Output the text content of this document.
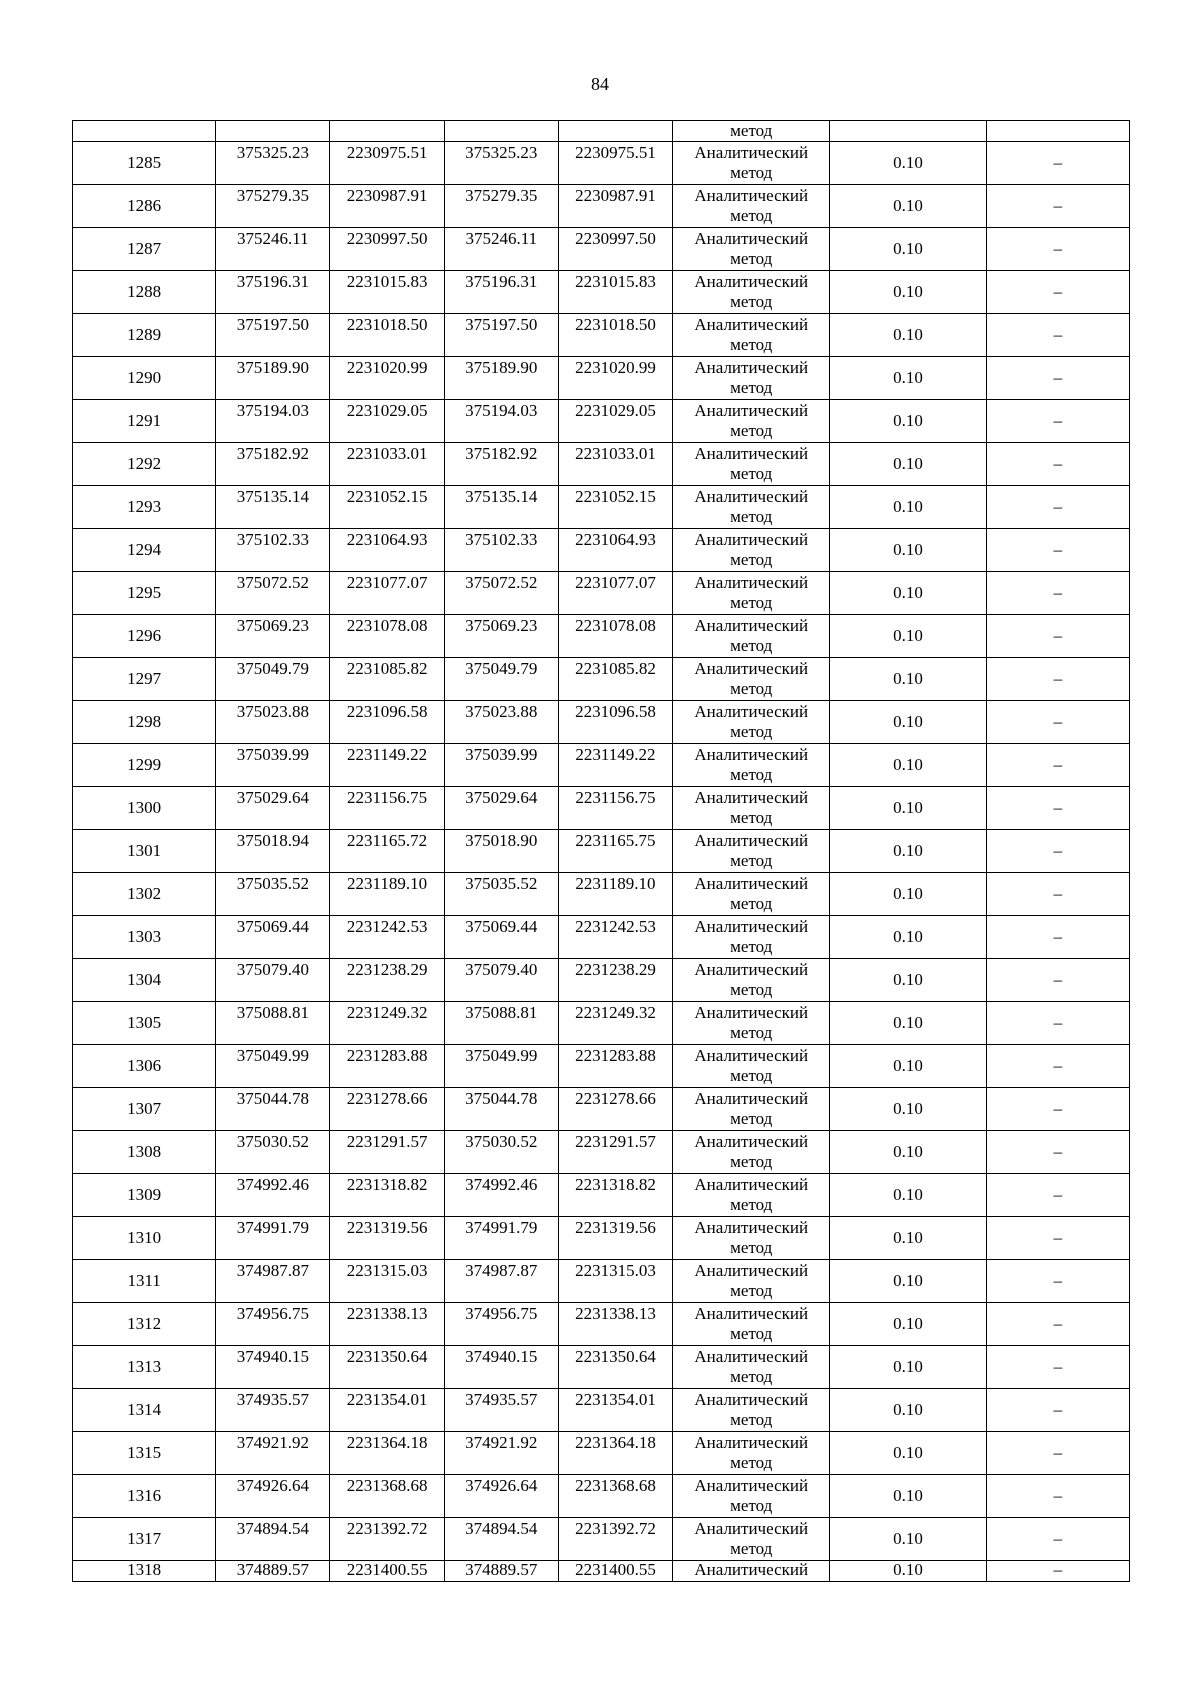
84
					метод		
1285	375325.23	2230975.51	375325.23	2230975.51	Аналитический
метод	0.10	–
1286	375279.35	2230987.91	375279.35	2230987.91	Аналитический
метод	0.10	–
1287	375246.11	2230997.50	375246.11	2230997.50	Аналитический
метод	0.10	–
1288	375196.31	2231015.83	375196.31	2231015.83	Аналитический
метод	0.10	–
1289	375197.50	2231018.50	375197.50	2231018.50	Аналитический
метод	0.10	–
1290	375189.90	2231020.99	375189.90	2231020.99	Аналитический
метод	0.10	–
1291	375194.03	2231029.05	375194.03	2231029.05	Аналитический
метод	0.10	–
1292	375182.92	2231033.01	375182.92	2231033.01	Аналитический
метод	0.10	–
1293	375135.14	2231052.15	375135.14	2231052.15	Аналитический
метод	0.10	–
1294	375102.33	2231064.93	375102.33	2231064.93	Аналитический
метод	0.10	–
1295	375072.52	2231077.07	375072.52	2231077.07	Аналитический
метод	0.10	–
1296	375069.23	2231078.08	375069.23	2231078.08	Аналитический
метод	0.10	–
1297	375049.79	2231085.82	375049.79	2231085.82	Аналитический
метод	0.10	–
1298	375023.88	2231096.58	375023.88	2231096.58	Аналитический
метод	0.10	–
1299	375039.99	2231149.22	375039.99	2231149.22	Аналитический
метод	0.10	–
1300	375029.64	2231156.75	375029.64	2231156.75	Аналитический
метод	0.10	–
1301	375018.94	2231165.72	375018.90	2231165.75	Аналитический
метод	0.10	–
1302	375035.52	2231189.10	375035.52	2231189.10	Аналитический
метод	0.10	–
1303	375069.44	2231242.53	375069.44	2231242.53	Аналитический
метод	0.10	–
1304	375079.40	2231238.29	375079.40	2231238.29	Аналитический
метод	0.10	–
1305	375088.81	2231249.32	375088.81	2231249.32	Аналитический
метод	0.10	–
1306	375049.99	2231283.88	375049.99	2231283.88	Аналитический
метод	0.10	–
1307	375044.78	2231278.66	375044.78	2231278.66	Аналитический
метод	0.10	–
1308	375030.52	2231291.57	375030.52	2231291.57	Аналитический
метод	0.10	–
1309	374992.46	2231318.82	374992.46	2231318.82	Аналитический
метод	0.10	–
1310	374991.79	2231319.56	374991.79	2231319.56	Аналитический
метод	0.10	–
1311	374987.87	2231315.03	374987.87	2231315.03	Аналитический
метод	0.10	–
1312	374956.75	2231338.13	374956.75	2231338.13	Аналитический
метод	0.10	–
1313	374940.15	2231350.64	374940.15	2231350.64	Аналитический
метод	0.10	–
1314	374935.57	2231354.01	374935.57	2231354.01	Аналитический
метод	0.10	–
1315	374921.92	2231364.18	374921.92	2231364.18	Аналитический
метод	0.10	–
1316	374926.64	2231368.68	374926.64	2231368.68	Аналитический
метод	0.10	–
1317	374894.54	2231392.72	374894.54	2231392.72	Аналитический
метод	0.10	–
1318	374889.57	2231400.55	374889.57	2231400.55	Аналитический	0.10	–
